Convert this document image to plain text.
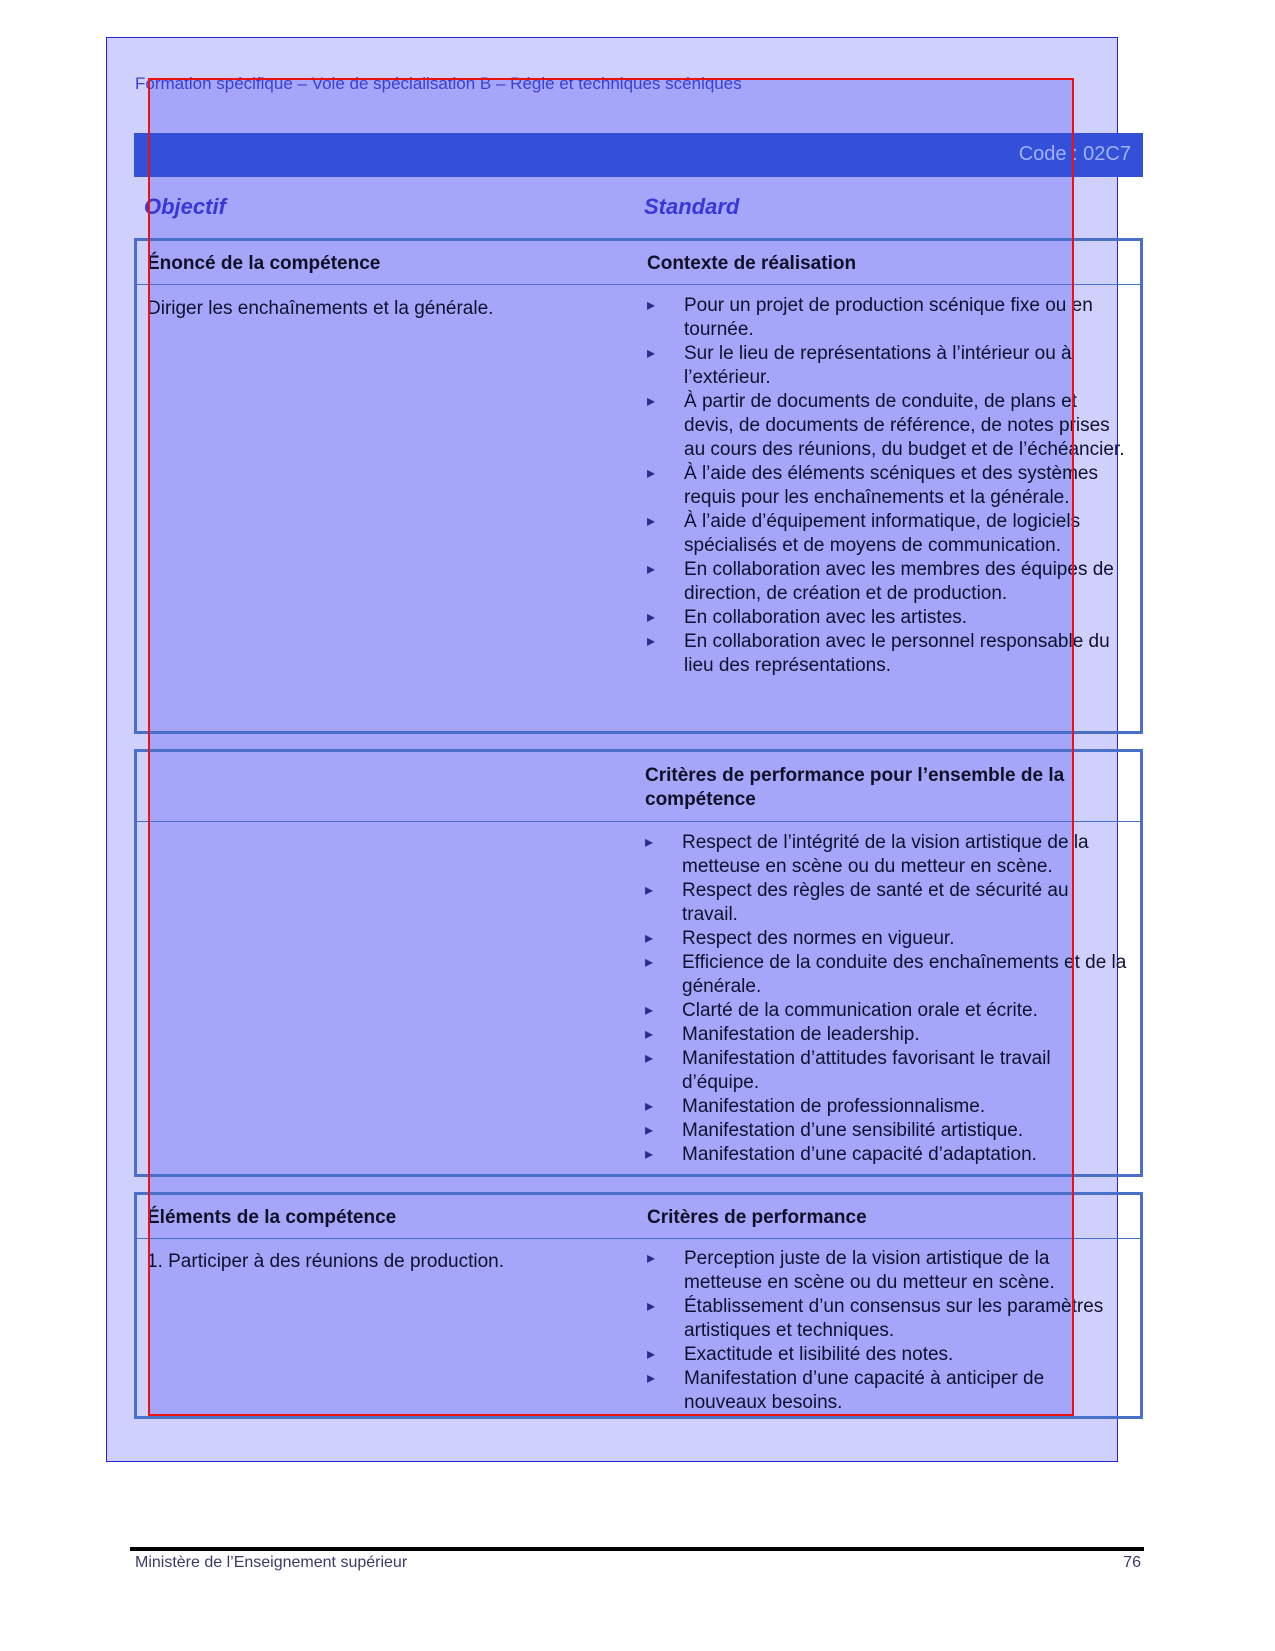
Formation spécifique – Voie de spécialisation B – Régie et techniques scéniques
Code : 02C7
Objectif	Standard
Énoncé de la compétence	Contexte de réalisation
Diriger les enchaînements et la générale.	▸ Pour un projet de production scénique fixe ou en tournée.
▸ Sur le lieu de représentations à l’intérieur ou à l’extérieur.
▸ À partir de documents de conduite, de plans et devis, de documents de référence, de notes prises au cours des réunions, du budget et de l’échéancier.
▸ À l’aide des éléments scéniques et des systèmes requis pour les enchaînements et la générale.
▸ À l’aide d’équipement informatique, de logiciels spécialisés et de moyens de communication.
▸ En collaboration avec les membres des équipes de direction, de création et de production.
▸ En collaboration avec les artistes.
▸ En collaboration avec le personnel responsable du lieu des représentations.
Critères de performance pour l’ensemble de la compétence
▸ Respect de l’intégrité de la vision artistique de la metteuse en scène ou du metteur en scène.
▸ Respect des règles de santé et de sécurité au travail.
▸ Respect des normes en vigueur.
▸ Efficience de la conduite des enchaînements et de la générale.
▸ Clarté de la communication orale et écrite.
▸ Manifestation de leadership.
▸ Manifestation d’attitudes favorisant le travail d’équipe.
▸ Manifestation de professionnalisme.
▸ Manifestation d’une sensibilité artistique.
▸ Manifestation d’une capacité d’adaptation.
Éléments de la compétence	Critères de performance
1. Participer à des réunions de production.	▸ Perception juste de la vision artistique de la metteuse en scène ou du metteur en scène.
▸ Établissement d’un consensus sur les paramètres artistiques et techniques.
▸ Exactitude et lisibilité des notes.
▸ Manifestation d’une capacité à anticiper de nouveaux besoins.
Ministère de l’Enseignement supérieur	76
